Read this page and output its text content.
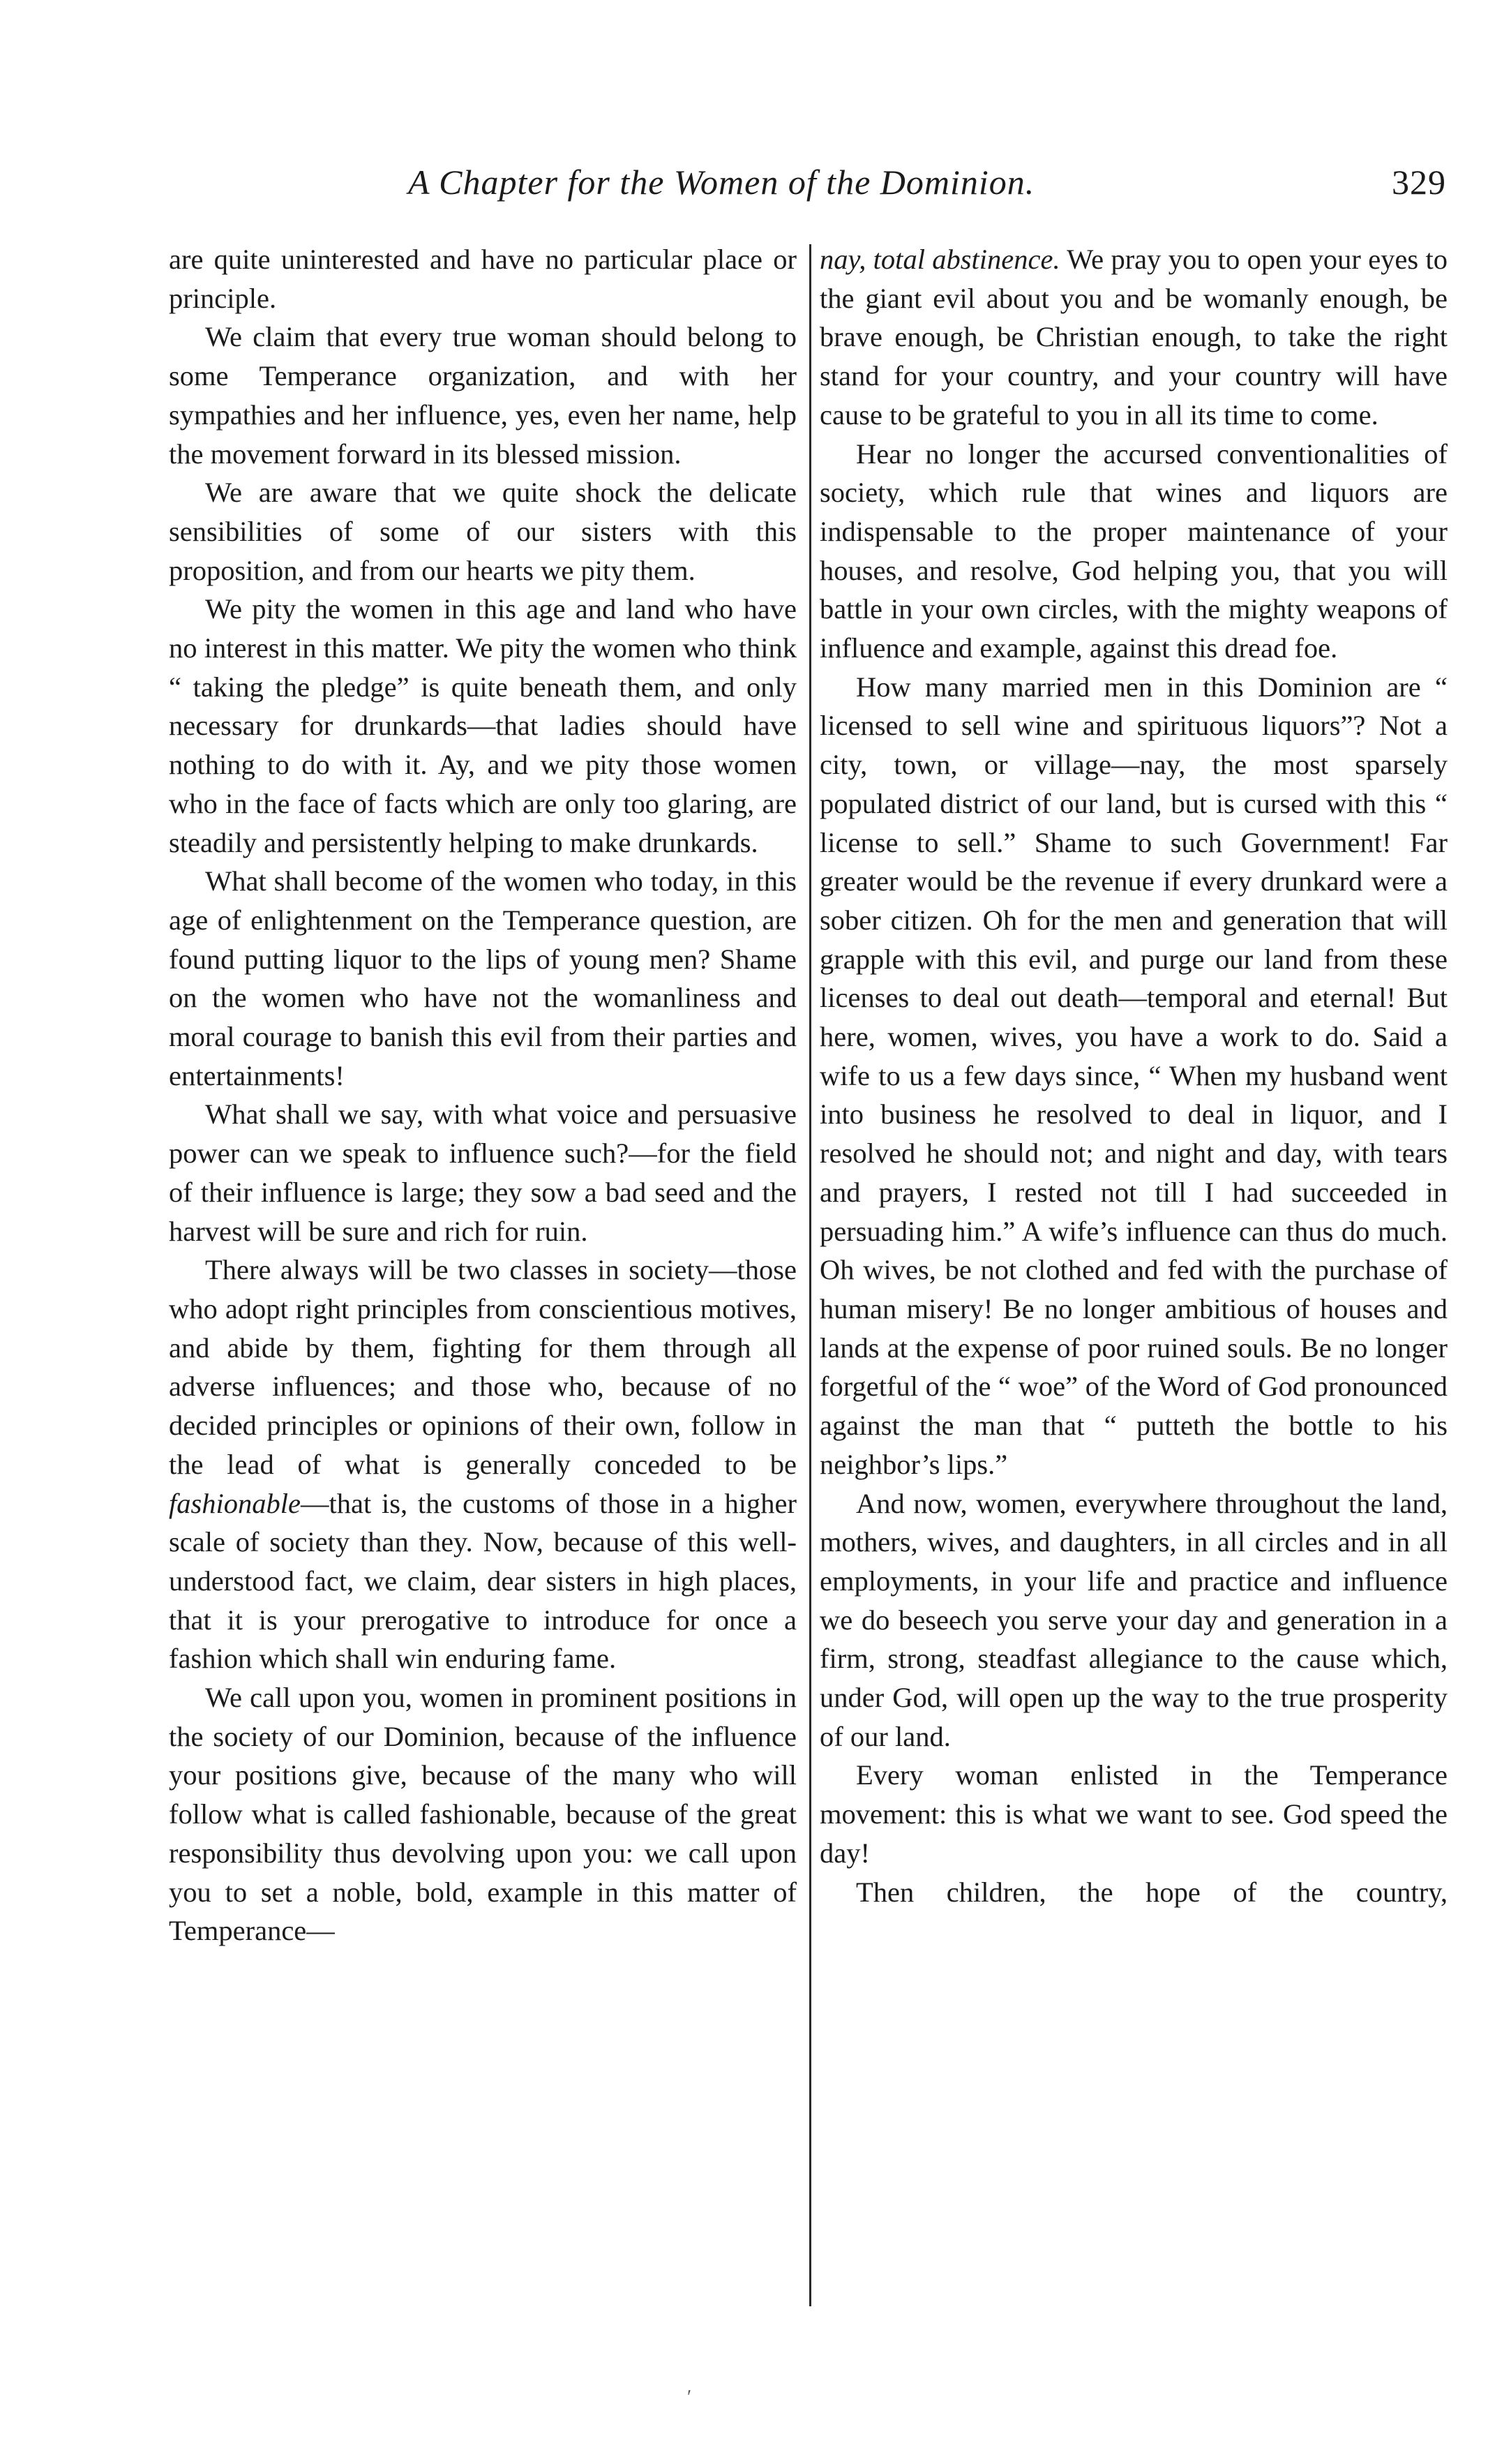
A Chapter for the Women of the Dominion.	329

are quite uninterested and have no particular place or principle.

We claim that every true woman should belong to some Temperance organization, and with her sympathies and her influence, yes, even her name, help the movement forward in its blessed mission.

We are aware that we quite shock the delicate sensibilities of some of our sisters with this proposition, and from our hearts we pity them.

We pity the women in this age and land who have no interest in this matter. We pity the women who think “ taking the pledge” is quite beneath them, and only necessary for drunkards—that ladies should have nothing to do with it. Ay, and we pity those women who in the face of facts which are only too glaring, are steadily and persistently helping to make drunkards.

What shall become of the women who today, in this age of enlightenment on the Temperance question, are found putting liquor to the lips of young men? Shame on the women who have not the womanliness and moral courage to banish this evil from their parties and entertainments!

What shall we say, with what voice and persuasive power can we speak to influence such?—for the field of their influence is large; they sow a bad seed and the harvest will be sure and rich for ruin.

There always will be two classes in society—those who adopt right principles from conscientious motives, and abide by them, fighting for them through all adverse influences; and those who, because of no decided principles or opinions of their own, follow in the lead of what is generally conceded to be fashionable—that is, the customs of those in a higher scale of society than they. Now, because of this well-understood fact, we claim, dear sisters in high places, that it is your prerogative to introduce for once a fashion which shall win enduring fame.

We call upon you, women in prominent positions in the society of our Dominion, because of the influence your positions give, because of the many who will follow what is called fashionable, because of the great responsibility thus devolving upon you: we call upon you to set a noble, bold, example in this matter of Temperance—

nay, total abstinence. We pray you to open your eyes to the giant evil about you and be womanly enough, be brave enough, be Christian enough, to take the right stand for your country, and your country will have cause to be grateful to you in all its time to come.

Hear no longer the accursed conventionalities of society, which rule that wines and liquors are indispensable to the proper maintenance of your houses, and resolve, God helping you, that you will battle in your own circles, with the mighty weapons of influence and example, against this dread foe.

How many married men in this Dominion are “ licensed to sell wine and spirituous liquors”? Not a city, town, or village—nay, the most sparsely populated district of our land, but is cursed with this “ license to sell.” Shame to such Government! Far greater would be the revenue if every drunkard were a sober citizen. Oh for the men and generation that will grapple with this evil, and purge our land from these licenses to deal out death—temporal and eternal! But here, women, wives, you have a work to do. Said a wife to us a few days since, “ When my husband went into business he resolved to deal in liquor, and I resolved he should not; and night and day, with tears and prayers, I rested not till I had succeeded in persuading him.” A wife’s influence can thus do much. Oh wives, be not clothed and fed with the purchase of human misery! Be no longer ambitious of houses and lands at the expense of poor ruined souls. Be no longer forgetful of the “ woe” of the Word of God pronounced against the man that “ putteth the bottle to his neighbor’s lips.”

And now, women, everywhere throughout the land, mothers, wives, and daughters, in all circles and in all employments, in your life and practice and influence we do beseech you serve your day and generation in a firm, strong, steadfast allegiance to the cause which, under God, will open up the way to the true prosperity of our land.

Every woman enlisted in the Temperance movement: this is what we want to see. God speed the day!

Then children, the hope of the country,

ʹ
